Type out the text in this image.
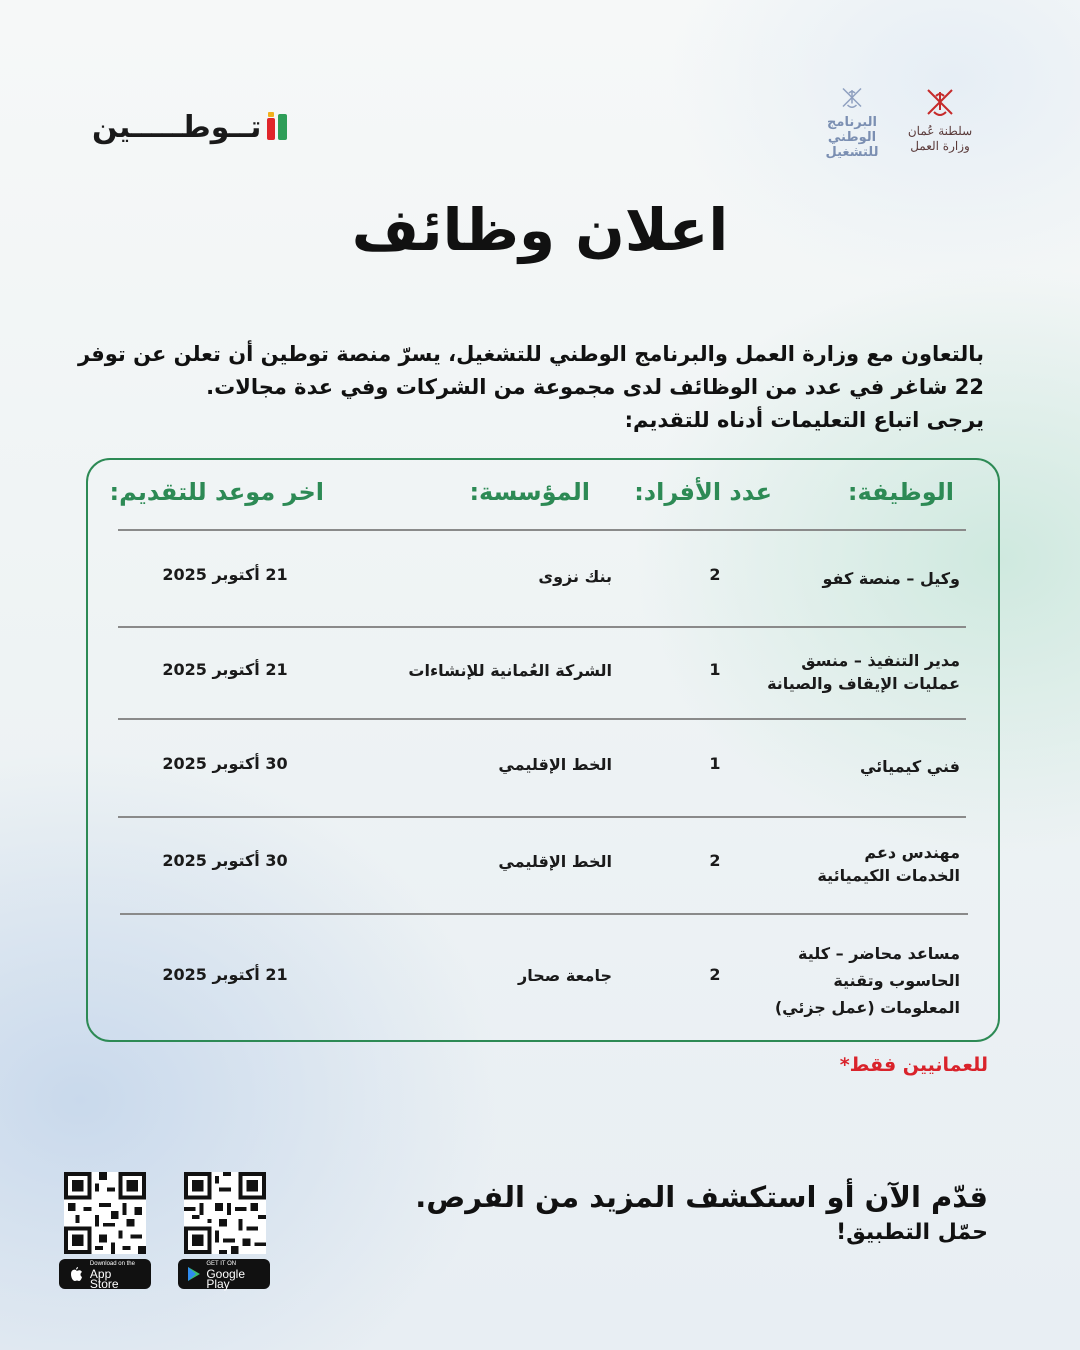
تــوطـــــين	البرنامج الوطني
للتشغيل
سلطنة عُمان
وزارة العمل
اعلان وظائف

بالتعاون مع وزارة العمل والبرنامج الوطني للتشغيل، يسرّ منصة توطين أن تعلن عن توفر

22 شاغر في عدد من الوظائف لدى مجموعة من الشركات وفي عدة مجالات.

يرجى اتباع التعليمات أدناه للتقديم:

الوظيفة:
عدد الأفراد:
المؤسسة:
اخر موعد للتقديم:
وكيل – منصة كفو
2
بنك نزوى
21 أكتوبر 2025
مدير التنفيذ – منسق
عمليات الإيقاف والصيانة
1
الشركة العُمانية للإنشاءات
21 أكتوبر 2025
فني كيميائي
1
الخط الإقليمي
30 أكتوبر 2025
مهندس دعم
الخدمات الكيميائية
2
الخط الإقليمي
30 أكتوبر 2025
مساعد محاضر – كلية
الحاسوب وتقنية
المعلومات (عمل جزئي)
2
جامعة صحار
21 أكتوبر 2025
للعمانيين فقط*
قدّم الآن أو استكشف المزيد من الفرص.
حمّل التطبيق!
GET IT ON
Google Play
Download on the
App Store
